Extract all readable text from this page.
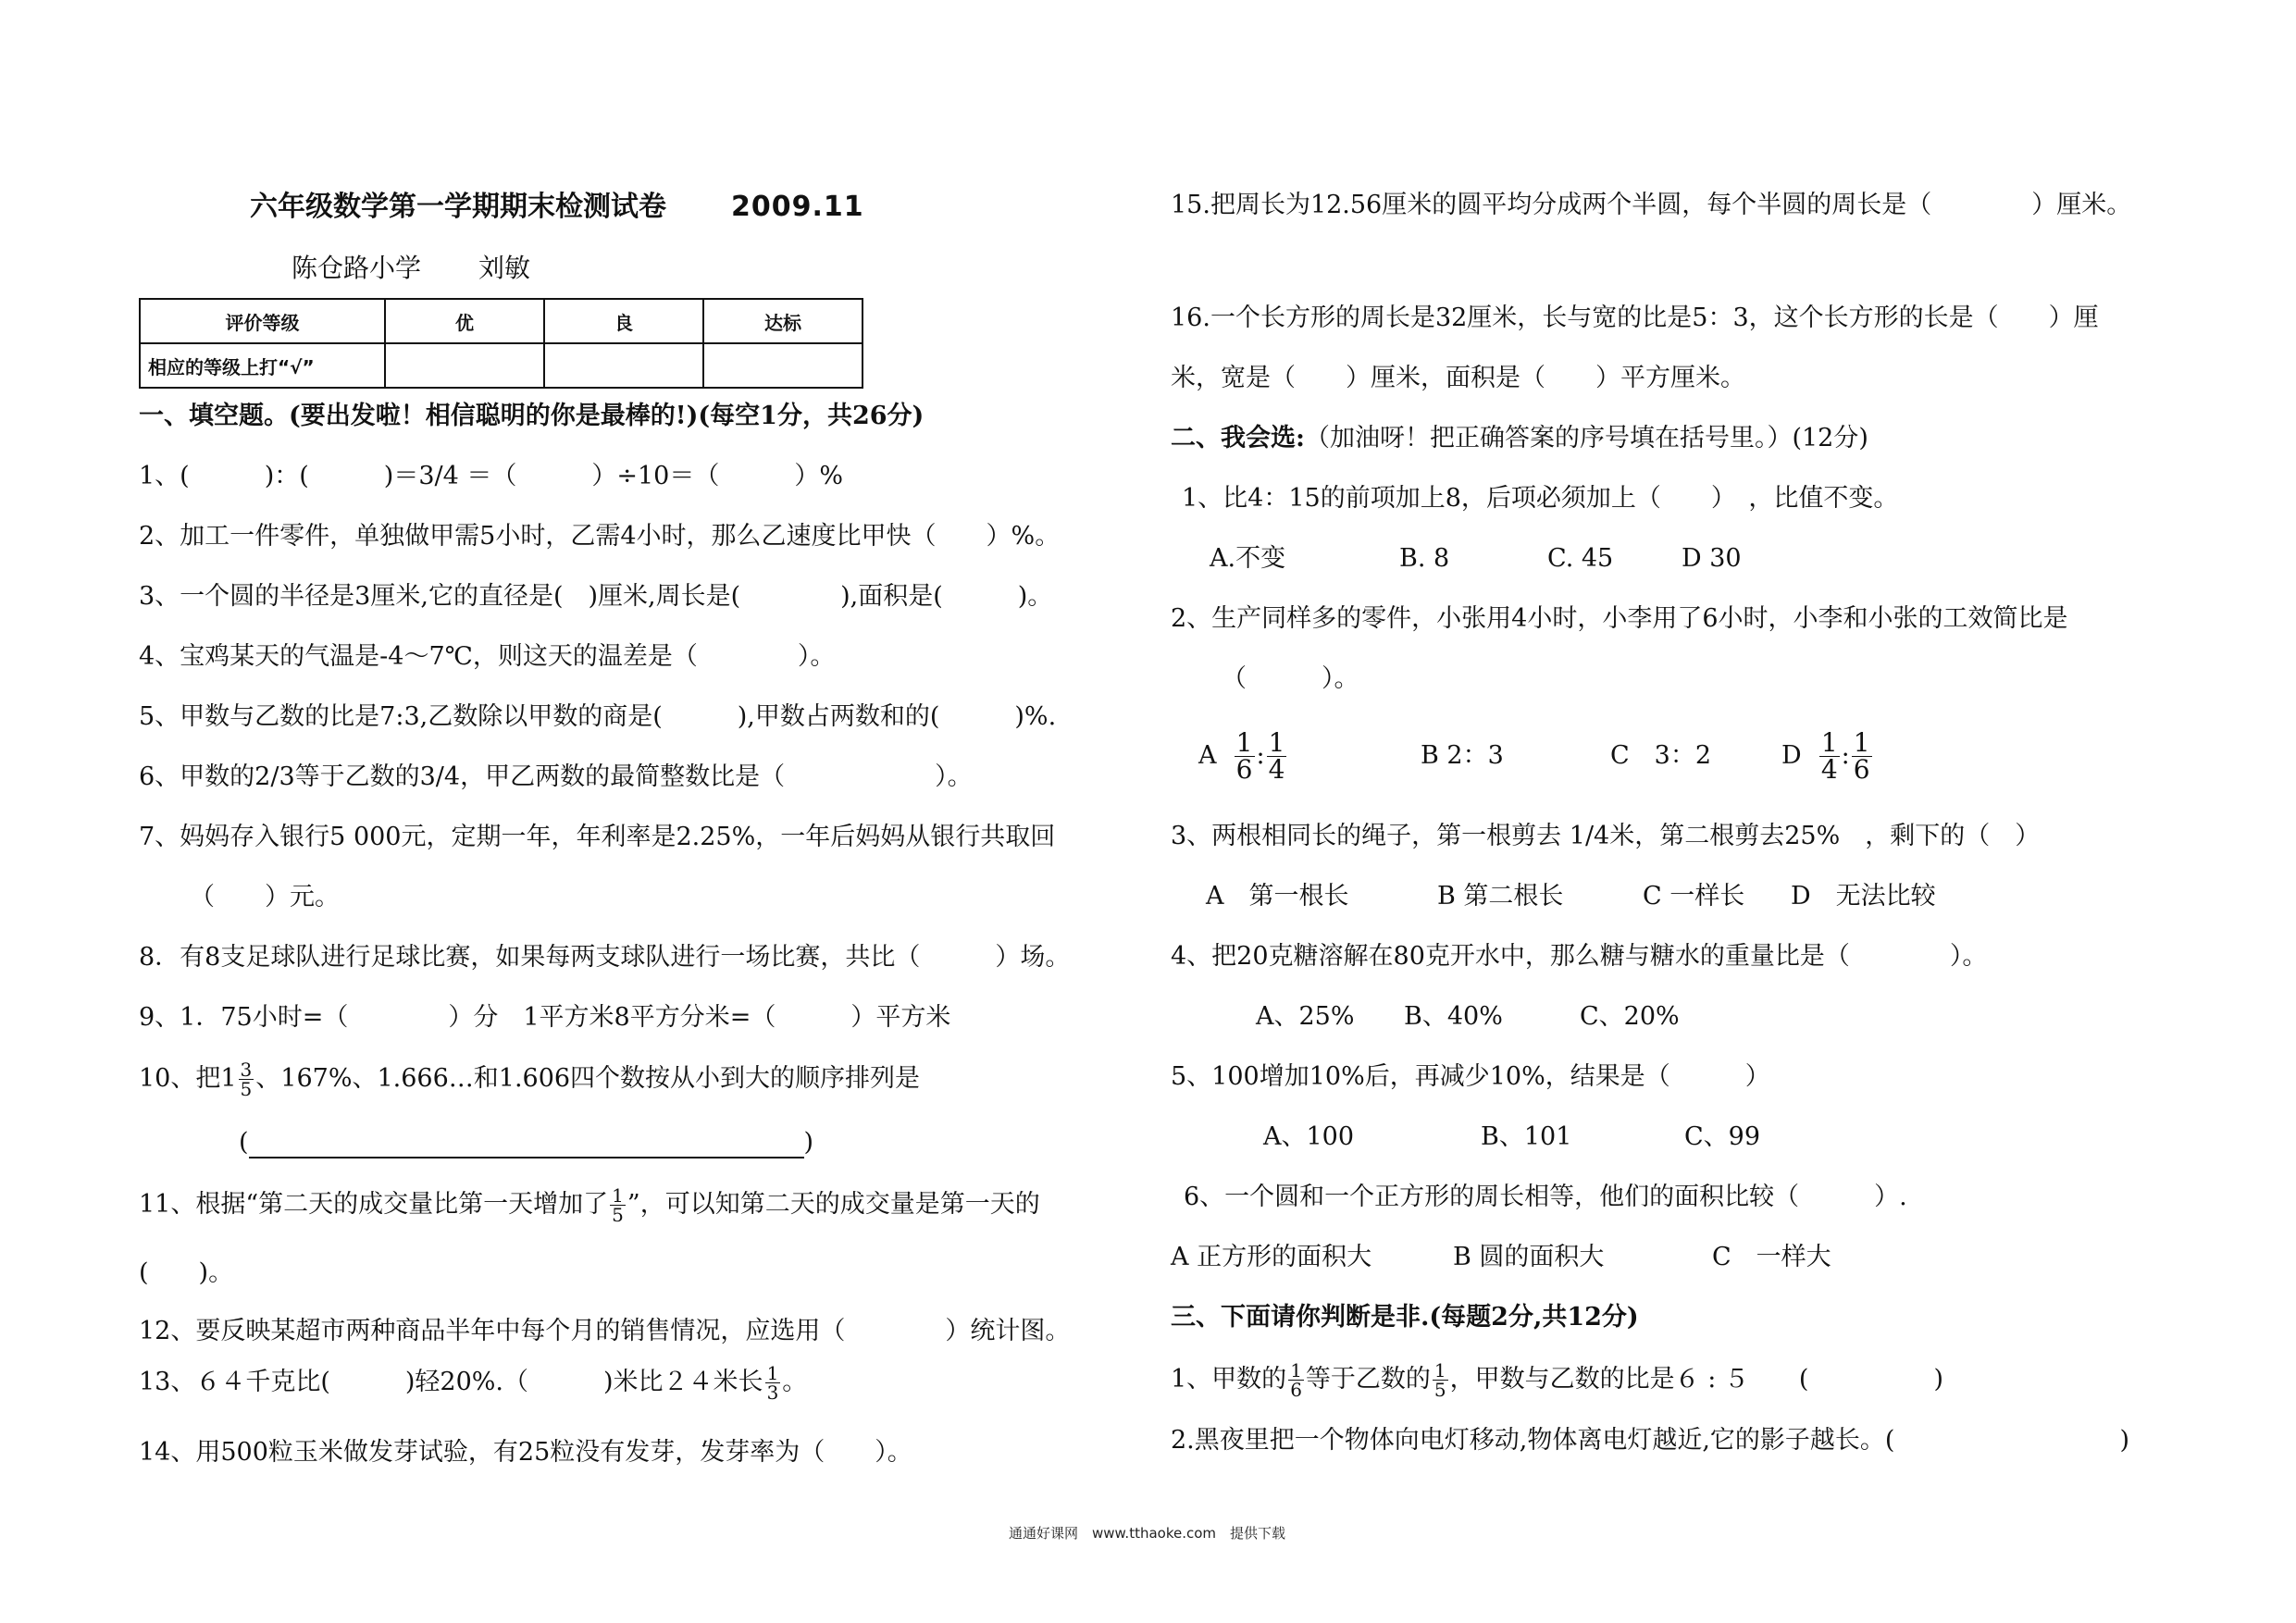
六年级数学第一学期期末检测试卷 2009.11
陈仓路小学 刘敏
评价等级	优	良	达标
相应的等级上打“√”			
一、填空题。(要出发啦！相信聪明的你是最棒的!)(每空1分，共26分)
1、(　　　)：(　　　)＝3/4 ＝（　　　）÷10＝（　　　）%
2、加工一件零件，单独做甲需5小时，乙需4小时，那么乙速度比甲快（　　）%。
3、一个圆的半径是3厘米,它的直径是(　)厘米,周长是(　　　　),面积是(　　　)。
4、宝鸡某天的气温是-4～7℃，则这天的温差是（　　　　）。
5、甲数与乙数的比是7:3,乙数除以甲数的商是(　　　),甲数占两数和的(　　　)%.
6、甲数的2/3等于乙数的3/4，甲乙两数的最简整数比是（　　　　　　）。
7、妈妈存入银行5 000元，定期一年，年利率是2.25%，一年后妈妈从银行共取回
（　　）元。
8．有8支足球队进行足球比赛，如果每两支球队进行一场比赛，共比（　　　）场。
9、1．75小时=（　　　　）分　1平方米8平方分米=（　　　）平方米
10、把$1 \frac{3}{5}$ 、167%、1.666…和1.606四个数按从小到大的顺序排列是
(	)
11、根据“第二天的成交量比第一天增加了 $\frac{1}{5}$ ”，可以知第二天的成交量是第一天的
(　　)。
12、要反映某超市两种商品半年中每个月的销售情况，应选用（　　　　）统计图。
13、６４千克比(　　　)轻20%.（　　　)米比２４米长 $\frac{1}{3}$ 。
14、用500粒玉米做发芽试验，有25粒没有发芽，发芽率为（　　）。
15.把周长为12.56厘米的圆平均分成两个半圆，每个半圆的周长是（　　　　）厘米。
16.一个长方形的周长是32厘米，长与宽的比是5：3，这个长方形的长是（　　）厘
米，宽是（　　）厘米，面积是（　　）平方厘米。
二、我会选:（加油呀！把正确答案的序号填在括号里。）(12分)
1、比4：15的前项加上8，后项必须加上（　　）　，比值不变。
A.不变	B. 8	C. 45	D 30
2、生产同样多的零件，小张用4小时，小李用了6小时，小李和小张的工效简比是
（　　　）。
A $\frac{1}{6}$ : $\frac{1}{4}$	B 2：3	C　3：2	D $\frac{1}{4}$ : $\frac{1}{6}$
3、两根相同长的绳子，第一根剪去 1/4米，第二根剪去25%　，剩下的（　）
A　第一根长	B 第二根长	C 一样长 D　无法比较
4、把20克糖溶解在80克开水中，那么糖与糖水的重量比是（　　　　）。
A、25% B、40%	C、20%
5、100增加10%后，再减少10%，结果是（　　　）
A、100	B、101	C、99
6、一个圆和一个正方形的周长相等，他们的面积比较（　　　）.
A 正方形的面积大	B 圆的面积大	C　一样大
三、下面请你判断是非.(每题2分,共12分)
1、甲数的 $\frac{1}{6}$ 等于乙数的 $\frac{1}{5}$ ，甲数与乙数的比是６ : ５　　(　　　　　)
2.黑夜里把一个物体向电灯移动,物体离电灯越近,它的影子越长。(　　　　　　　　　)
通通好课网　www.tthaoke.com　提供下载
